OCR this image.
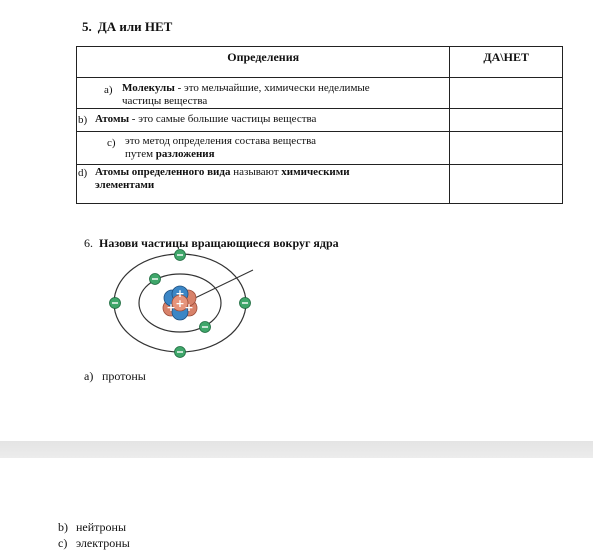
5. ДА или НЕТ
Определения	ДА\НЕТ

а) Молекулы - это мельчайшие, химически неделимые
частицы вещества	

b) Атомы - это самые большие частицы вещества	

c) это метод определения состава вещества
путем разложения	

d) Атомы определенного вида называют химическими
элементами	

6. Назови частицы вращающиеся вокруг ядра
+
+
+ +
a) протоны
b) нейтроны
c) электроны
